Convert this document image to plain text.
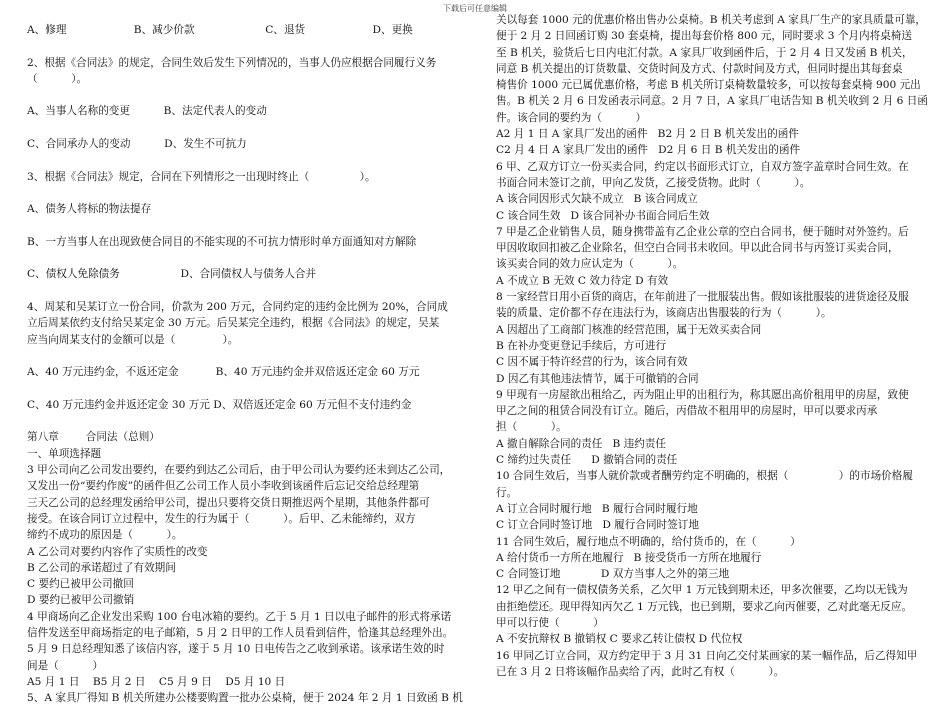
下载后可任意编辑
A、修理                    B、减少价款                     C、退货                    D、更换

2、根据《合同法》的规定，合同生效后发生下列情况的，当事人仍应根据合同履行义务
（          ）。

A、当事人名称的变更          B、法定代表人的变动

C、合同承办人的变动          D、发生不可抗力

3、根据《合同法》规定，合同在下列情形之一出现时终止（               ）。

A、债务人将标的物法提存

B、一方当事人在出现致使合同目的不能实现的不可抗力情形时单方面通知对方解除

C、债权人免除债务                  D、合同债权人与债务人合并

4、周某和吴某订立一份合同，价款为 200 万元，合同约定的违约金比例为 20%，合同成
立后周某依约支付给吴某定金 30 万元。后吴某完全违约，根据《合同法》的规定，吴某
应当向周某支付的金额可以是（              ）。

A、40 万元违约金，不返还定金           B、40 万元违约金并双倍返还定金 60 万元

C、40 万元违约金并返还定金 30 万元 D、双倍返还定金 60 万元但不支付违约金

第八章        合同法（总则）
一、单项选择题
3 甲公司向乙公司发出要约，在要约到达乙公司后，由于甲公司认为要约还未到达乙公司，
又发出一份“要约作废”的函件但乙公司工作人员小李收到该函件后忘记交给总经理第
三天乙公司的总经理发函给甲公司，提出只要将交货日期推迟两个星期，其他条件都可
接受。在该合同订立过程中，发生的行为属于（          ）。后甲、乙未能缔约，双方
缔约不成功的原因是（          ）。
A 乙公司对要约内容作了实质性的改变
B 乙公司的承诺超过了有效期间
C 要约已被甲公司撤回
D 要约已被甲公司撤销
4 甲商场向乙企业发出采购 100 台电冰箱的要约。乙于 5 月 1 日以电子邮件的形式将承诺
信件发送至甲商场指定的电子邮箱，5 月 2 日甲的工作人员看到信件，恰逢其总经理外出。
5 月 9 日总经理知悉了该信内容，遂于 5 月 10 日电传告之乙收到承诺。该承诺生效的时
间是（          ）
A5 月 1 日    B5 月 2 日    C5 月 9 日    D5 月 10 日
5、A 家具厂得知 B 机关所建办公楼要购置一批办公桌椅，便于 2024 年 2 月 1 日致函 B 机
关以每套 1000 元的优惠价格出售办公桌椅。B 机关考虑到 A 家具厂生产的家具质量可靠，
便于 2 月 2 日回函订购 30 套桌椅，提出每套价格 800 元，同时要求 3 个月内将桌椅送
至 B 机关，验货后七日内电汇付款。A 家具厂收到函件后，于 2 月 4 日又发函 B 机关，
同意 B 机关提出的订货数量、交货时间及方式、付款时间及方式，但同时提出其每套桌
椅售价 1000 元已属优惠价格，考虑 B 机关所订桌椅数量较多，可以按每套桌椅 900 元出
售。B 机关 2 月 6 日发函表示同意。2 月 7 日，A 家具厂电话告知 B 机关收到 2 月 6 日函
件。该合同的要约为（          ）
A2 月 1 日 A 家具厂发出的函件   B2 月 2 日 B 机关发出的函件
C2 月 4 日 A 家具厂发出的函件   D2 月 6 日 B 机关发出的函件
6 甲、乙双方订立一份买卖合同，约定以书面形式订立，自双方签字盖章时合同生效。在
书面合同未签订之前，甲向乙发货，乙接受货物。此时（          ）。
A 该合同因形式欠缺不成立   B 该合同成立
C 该合同生效   D 该合同补办书面合同后生效
7 甲是乙企业销售人员，随身携带盖有乙企业公章的空白合同书，便于随时对外签约。后
甲因收取回扣被乙企业除名，但空白合同书未收回。甲以此合同书与丙签订买卖合同，
该买卖合同的效力应认定为（          ）。
A 不成立 B 无效 C 效力待定 D 有效
8 一家经营日用小百货的商店，在年前进了一批服装出售。假如该批服装的进货途径及服
装的质量、定价都不存在违法行为，该商店出售服装的行为（          ）。
A 因超出了工商部门核准的经营范围，属于无效买卖合同
B 在补办变更登记手续后，方可进行
C 因不属于特许经营的行为，该合同有效
D 因乙有其他违法情节，属于可撤销的合同
9 甲现有一房屋欲出租给乙，丙为阻止甲的出租行为，称其愿出高价租用甲的房屋，致使
甲乙之间的租赁合同没有订立。随后，丙借故不租用甲的房屋时，甲可以要求丙承
担（          ）。
A 撤自解除合同的责任   B 违约责任
C 缔约过失责任      D 撤销合同的责任
10 合同生效后，当事人就价款或者酬劳约定不明确的，根据（               ）的市场价格履
行。
A 订立合同时履行地   B 履行合同时履行地
C 订立合同时签订地   D 履行合同时签订地
11 合同生效后，履行地点不明确的，给付货币的，在（          ）
A 给付货币一方所在地履行   B 接受货币一方所在地履行
C 合同签订地            D 双方当事人之外的第三地
12 甲乙之间有一债权债务关系，乙欠甲 1 万元钱到期未还，甲多次催要，乙均以无钱为
由拒绝偿还。现甲得知丙欠乙 1 万元钱，也已到期，要求乙向丙催要，乙对此毫无反应。
甲可以行使（          ）
A 不安抗辩权 B 撤销权 C 要求乙转让债权 D 代位权
16 甲同乙订立合同，双方约定甲于 3 月 31 日向乙交付某画家的某一幅作品，后乙得知甲
已在 3 月 2 日将该幅作品卖给了丙，此时乙有权（          ）。
